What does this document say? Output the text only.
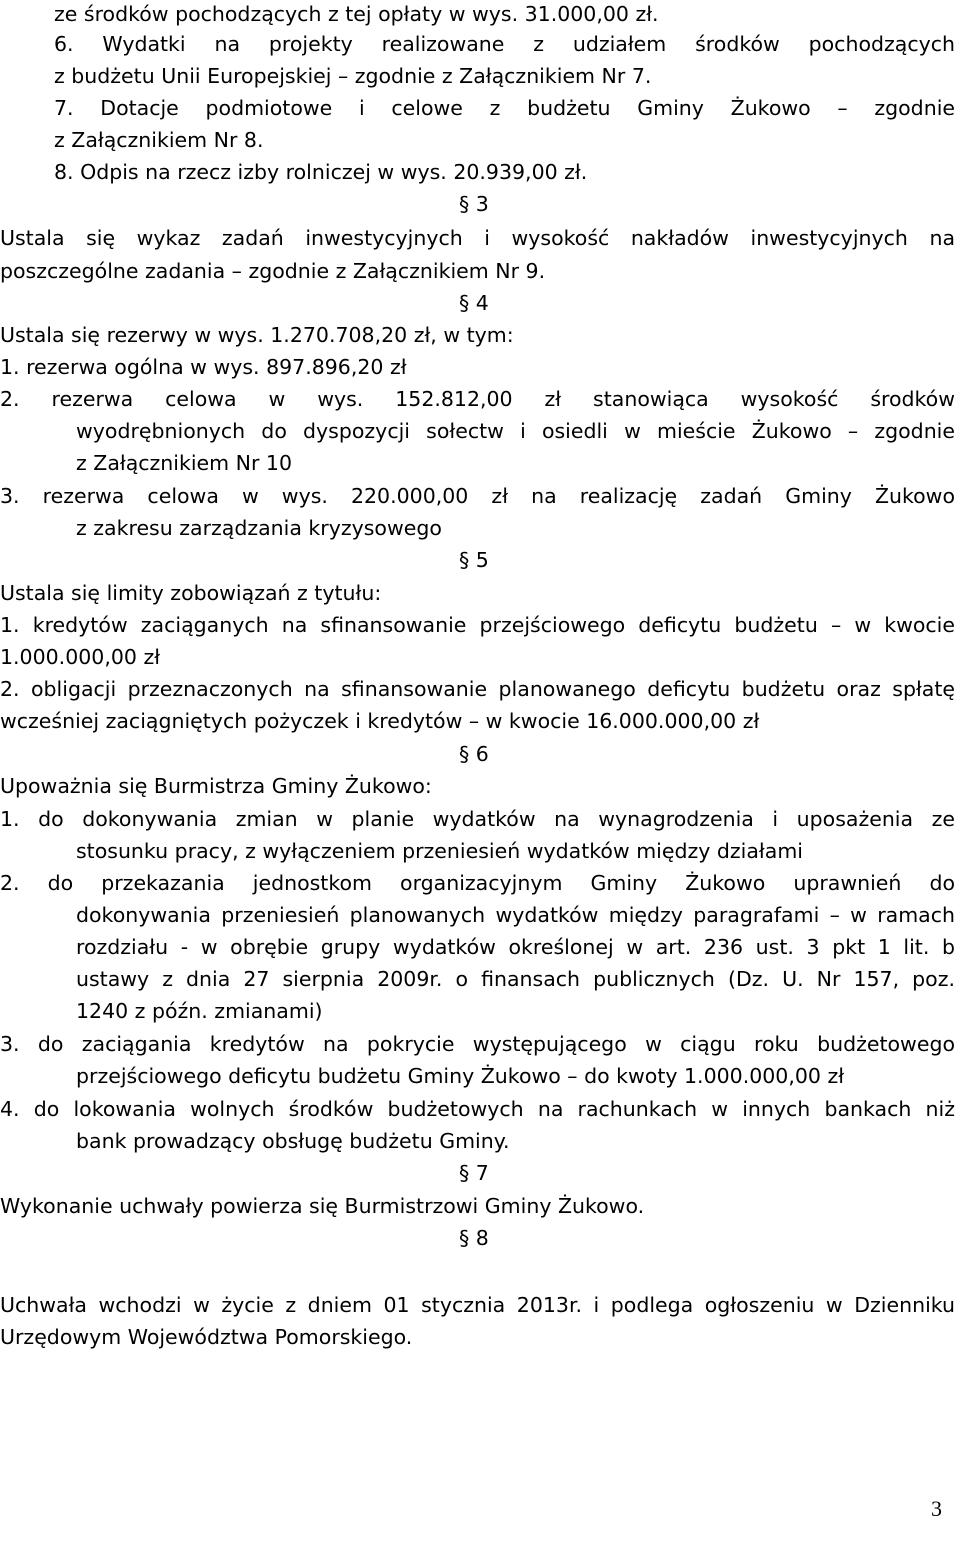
ze środków pochodzących z tej opłaty w wys. 31.000,00 zł.
6. Wydatki na projekty realizowane z udziałem środków pochodzących
z budżetu Unii Europejskiej – zgodnie z Załącznikiem Nr 7.
7. Dotacje podmiotowe i celowe z budżetu Gminy Żukowo – zgodnie
z Załącznikiem Nr 8.
8. Odpis na rzecz izby rolniczej w wys. 20.939,00 zł.
§ 3
Ustala się wykaz zadań inwestycyjnych i wysokość nakładów inwestycyjnych na
poszczególne zadania – zgodnie z Załącznikiem Nr 9.
§ 4
Ustala się rezerwy w wys. 1.270.708,20 zł, w tym:
1. rezerwa ogólna w wys. 897.896,20 zł
2. rezerwa celowa w wys. 152.812,00 zł stanowiąca wysokość środków
wyodrębnionych do dyspozycji sołectw i osiedli w mieście Żukowo – zgodnie
z Załącznikiem Nr 10
3. rezerwa celowa w wys. 220.000,00 zł na realizację zadań Gminy Żukowo
z zakresu zarządzania kryzysowego
§ 5
Ustala się limity zobowiązań z tytułu:
1. kredytów zaciąganych na sfinansowanie przejściowego deficytu budżetu – w kwocie
1.000.000,00 zł
2. obligacji przeznaczonych na sfinansowanie planowanego deficytu budżetu oraz spłatę
wcześniej zaciągniętych pożyczek i kredytów – w kwocie 16.000.000,00 zł
§ 6
Upoważnia się Burmistrza Gminy Żukowo:
1. do dokonywania zmian w planie wydatków na wynagrodzenia i uposażenia ze
stosunku pracy, z wyłączeniem przeniesień wydatków między działami
2. do przekazania jednostkom organizacyjnym Gminy Żukowo uprawnień do
dokonywania przeniesień planowanych wydatków między paragrafami – w ramach
rozdziału - w obrębie grupy wydatków określonej w art. 236 ust. 3 pkt 1 lit. b
ustawy z dnia 27 sierpnia 2009r. o finansach publicznych (Dz. U. Nr 157, poz.
1240 z późn. zmianami)
3. do zaciągania kredytów na pokrycie występującego w ciągu roku budżetowego
przejściowego deficytu budżetu Gminy Żukowo – do kwoty 1.000.000,00 zł
4. do lokowania wolnych środków budżetowych na rachunkach w innych bankach niż
bank prowadzący obsługę budżetu Gminy.
§ 7
Wykonanie uchwały powierza się Burmistrzowi Gminy Żukowo.
§ 8
Uchwała wchodzi w życie z dniem 01 stycznia 2013r. i podlega ogłoszeniu w Dzienniku
Urzędowym Województwa Pomorskiego.
3
